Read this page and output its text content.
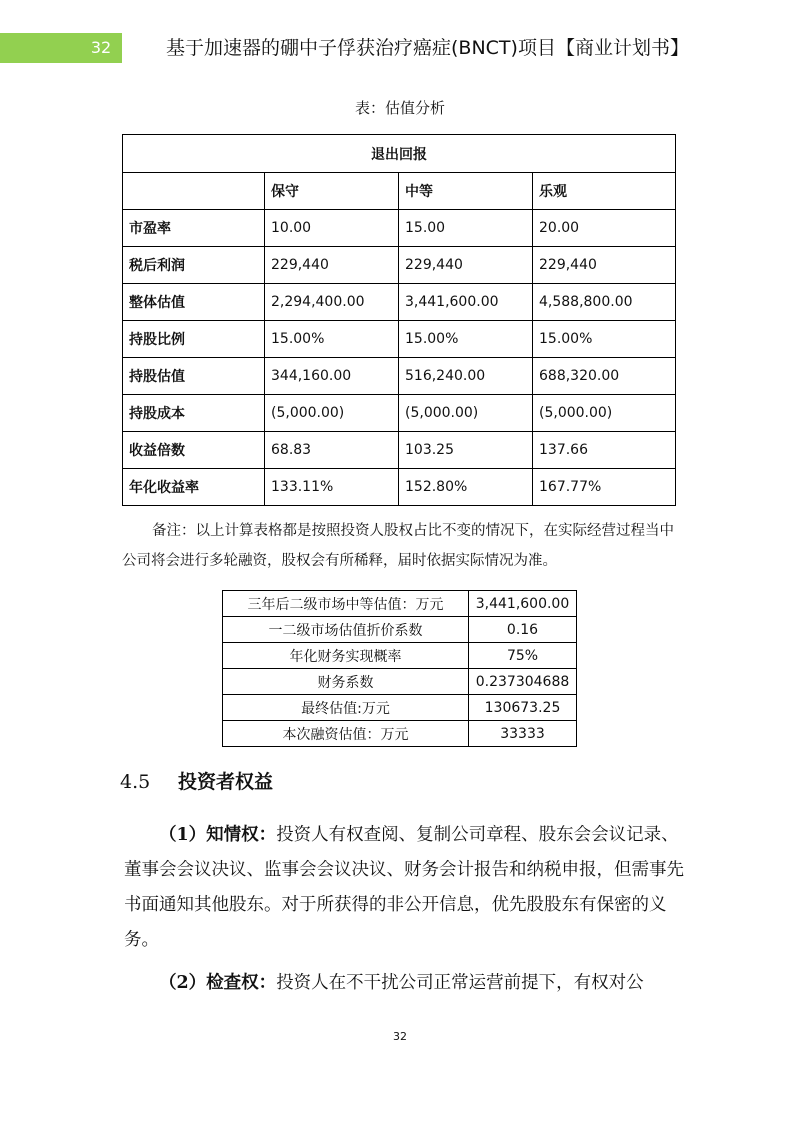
32	基于加速器的硼中子俘获治疗癌症(BNCT)项目【商业计划书】
表：估值分析
退出回报			
	保守	中等	乐观
市盈率	10.00	15.00	20.00
税后利润	229,440	229,440	229,440
整体估值	2,294,400.00	3,441,600.00	4,588,800.00
持股比例	15.00%	15.00%	15.00%
持股估值	344,160.00	516,240.00	688,320.00
持股成本	(5,000.00)	(5,000.00)	(5,000.00)
收益倍数	68.83	103.25	137.66
年化收益率	133.11%	152.80%	167.77%
备注：以上计算表格都是按照投资人股权占比不变的情况下，在实际经营过程当中公司将会进行多轮融资，股权会有所稀释，届时依据实际情况为准。
三年后二级市场中等估值：万元	3,441,600.00
一二级市场估值折价系数	0.16
年化财务实现概率	75%
财务系数	0.237304688
最终估值:万元	130673.25
本次融资估值：万元	33333
4.5 投资者权益
（1）知情权：投资人有权查阅、复制公司章程、股东会会议记录、董事会会议决议、监事会会议决议、财务会计报告和纳税申报，但需事先书面通知其他股东。对于所获得的非公开信息，优先股股东有保密的义务。
（2）检查权：投资人在不干扰公司正常运营前提下，有权对公
32
